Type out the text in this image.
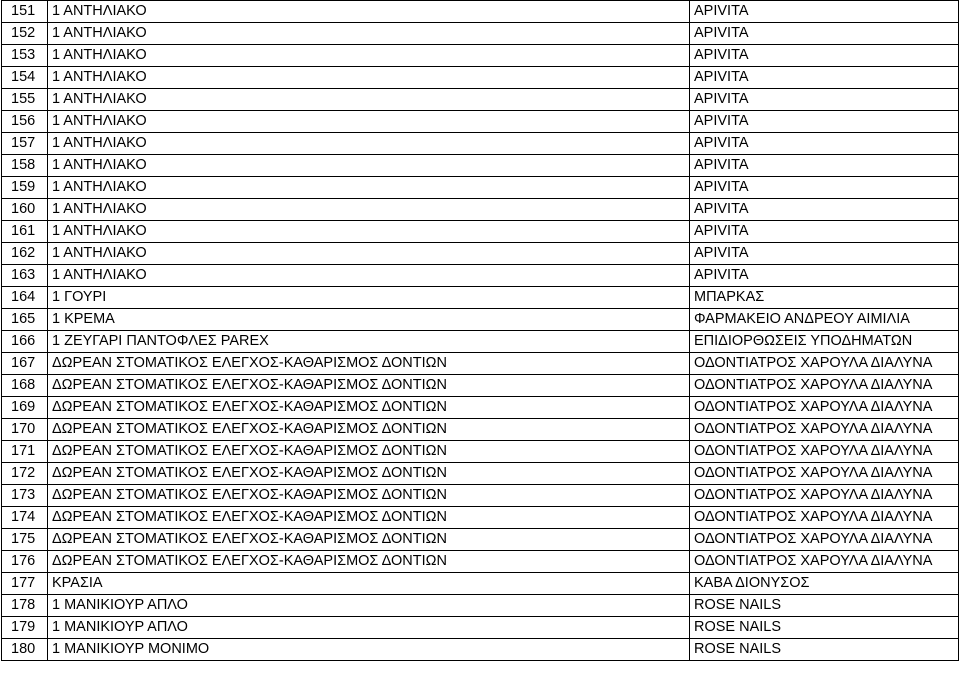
151	1 ΑΝΤΗΛΙΑΚΟ	APIVITA
152	1 ΑΝΤΗΛΙΑΚΟ	APIVITA
153	1 ΑΝΤΗΛΙΑΚΟ	APIVITA
154	1 ΑΝΤΗΛΙΑΚΟ	APIVITA
155	1 ΑΝΤΗΛΙΑΚΟ	APIVITA
156	1 ΑΝΤΗΛΙΑΚΟ	APIVITA
157	1 ΑΝΤΗΛΙΑΚΟ	APIVITA
158	1 ΑΝΤΗΛΙΑΚΟ	APIVITA
159	1 ΑΝΤΗΛΙΑΚΟ	APIVITA
160	1 ΑΝΤΗΛΙΑΚΟ	APIVITA
161	1 ΑΝΤΗΛΙΑΚΟ	APIVITA
162	1 ΑΝΤΗΛΙΑΚΟ	APIVITA
163	1 ΑΝΤΗΛΙΑΚΟ	APIVITA
164	1 ΓΟΥΡΙ	ΜΠΑΡΚΑΣ
165	1 ΚΡΕΜΑ	ΦΑΡΜΑΚΕΙΟ ΑΝΔΡΕΟΥ ΑΙΜΙΛΙΑ
166	1 ΖΕΥΓΑΡΙ ΠΑΝΤΟΦΛΕΣ PAREX	ΕΠΙΔΙΟΡΘΩΣΕΙΣ ΥΠΟΔΗΜΑΤΩΝ
167	ΔΩΡΕΑΝ ΣΤΟΜΑΤΙΚΟΣ ΕΛΕΓΧΟΣ-ΚΑΘΑΡΙΣΜΟΣ ΔΟΝΤΙΩΝ	ΟΔΟΝΤΙΑΤΡΟΣ ΧΑΡΟΥΛΑ ΔΙΑΛΥΝΑ
168	ΔΩΡΕΑΝ ΣΤΟΜΑΤΙΚΟΣ ΕΛΕΓΧΟΣ-ΚΑΘΑΡΙΣΜΟΣ ΔΟΝΤΙΩΝ	ΟΔΟΝΤΙΑΤΡΟΣ ΧΑΡΟΥΛΑ ΔΙΑΛΥΝΑ
169	ΔΩΡΕΑΝ ΣΤΟΜΑΤΙΚΟΣ ΕΛΕΓΧΟΣ-ΚΑΘΑΡΙΣΜΟΣ ΔΟΝΤΙΩΝ	ΟΔΟΝΤΙΑΤΡΟΣ ΧΑΡΟΥΛΑ ΔΙΑΛΥΝΑ
170	ΔΩΡΕΑΝ ΣΤΟΜΑΤΙΚΟΣ ΕΛΕΓΧΟΣ-ΚΑΘΑΡΙΣΜΟΣ ΔΟΝΤΙΩΝ	ΟΔΟΝΤΙΑΤΡΟΣ ΧΑΡΟΥΛΑ ΔΙΑΛΥΝΑ
171	ΔΩΡΕΑΝ ΣΤΟΜΑΤΙΚΟΣ ΕΛΕΓΧΟΣ-ΚΑΘΑΡΙΣΜΟΣ ΔΟΝΤΙΩΝ	ΟΔΟΝΤΙΑΤΡΟΣ ΧΑΡΟΥΛΑ ΔΙΑΛΥΝΑ
172	ΔΩΡΕΑΝ ΣΤΟΜΑΤΙΚΟΣ ΕΛΕΓΧΟΣ-ΚΑΘΑΡΙΣΜΟΣ ΔΟΝΤΙΩΝ	ΟΔΟΝΤΙΑΤΡΟΣ ΧΑΡΟΥΛΑ ΔΙΑΛΥΝΑ
173	ΔΩΡΕΑΝ ΣΤΟΜΑΤΙΚΟΣ ΕΛΕΓΧΟΣ-ΚΑΘΑΡΙΣΜΟΣ ΔΟΝΤΙΩΝ	ΟΔΟΝΤΙΑΤΡΟΣ ΧΑΡΟΥΛΑ ΔΙΑΛΥΝΑ
174	ΔΩΡΕΑΝ ΣΤΟΜΑΤΙΚΟΣ ΕΛΕΓΧΟΣ-ΚΑΘΑΡΙΣΜΟΣ ΔΟΝΤΙΩΝ	ΟΔΟΝΤΙΑΤΡΟΣ ΧΑΡΟΥΛΑ ΔΙΑΛΥΝΑ
175	ΔΩΡΕΑΝ ΣΤΟΜΑΤΙΚΟΣ ΕΛΕΓΧΟΣ-ΚΑΘΑΡΙΣΜΟΣ ΔΟΝΤΙΩΝ	ΟΔΟΝΤΙΑΤΡΟΣ ΧΑΡΟΥΛΑ ΔΙΑΛΥΝΑ
176	ΔΩΡΕΑΝ ΣΤΟΜΑΤΙΚΟΣ ΕΛΕΓΧΟΣ-ΚΑΘΑΡΙΣΜΟΣ ΔΟΝΤΙΩΝ	ΟΔΟΝΤΙΑΤΡΟΣ ΧΑΡΟΥΛΑ ΔΙΑΛΥΝΑ
177	ΚΡΑΣΙΑ	ΚΑΒΑ ΔΙΟΝΥΣΟΣ
178	1 ΜΑΝΙΚΙΟΥΡ ΑΠΛΟ	ROSE NAILS
179	1 ΜΑΝΙΚΙΟΥΡ ΑΠΛΟ	ROSE NAILS
180	1 ΜΑΝΙΚΙΟΥΡ ΜΟΝΙΜΟ	ROSE NAILS
